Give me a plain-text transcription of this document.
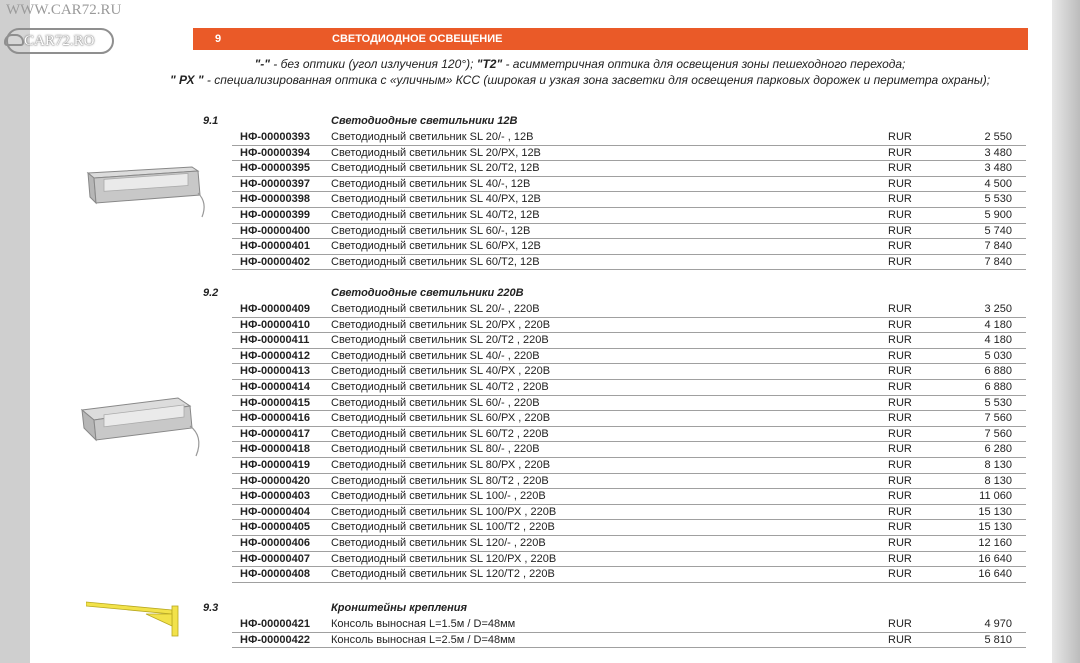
WWW.CAR72.RU
CAR72.RO	9	СВЕТОДИОДНОЕ ОСВЕЩЕНИЕ
"-" - без оптики (угол излучения 120°); "Т2" - асимметричная оптика для освещения зоны пешеходного перехода;
" РХ " - специализированная оптика с «уличным» КСС (широкая и узкая зона засветки для освещения парковых дорожек и периметра охраны);
9.1	Светодиодные светильники 12В
НФ-00000393 Светодиодный светильник SL 20/- , 12В	RUR	2 550
НФ-00000394 Светодиодный светильник SL 20/РХ, 12В	RUR	3 480
НФ-00000395 Светодиодный светильник SL 20/Т2, 12В	RUR	3 480
НФ-00000397 Светодиодный светильник SL 40/-, 12В	RUR	4 500
НФ-00000398 Светодиодный светильник SL 40/РХ, 12В	RUR	5 530
НФ-00000399 Светодиодный светильник SL 40/Т2, 12В	RUR	5 900
НФ-00000400 Светодиодный светильник SL 60/-, 12В	RUR	5 740
НФ-00000401 Светодиодный светильник SL 60/РХ, 12В	RUR	7 840
НФ-00000402 Светодиодный светильник SL 60/Т2, 12В	RUR	7 840
9.2	Светодиодные светильники 220В
НФ-00000409 Светодиодный светильник SL 20/- , 220В	RUR	3 250
НФ-00000410 Светодиодный светильник SL 20/РХ , 220В	RUR	4 180
НФ-00000411 Светодиодный светильник SL 20/Т2 , 220В	RUR	4 180
НФ-00000412 Светодиодный светильник SL 40/- , 220В	RUR	5 030
НФ-00000413 Светодиодный светильник SL 40/РХ , 220В	RUR	6 880
НФ-00000414 Светодиодный светильник SL 40/Т2 , 220В	RUR	6 880
НФ-00000415 Светодиодный светильник SL 60/- , 220В	RUR	5 530
НФ-00000416 Светодиодный светильник SL 60/РХ , 220В	RUR	7 560
НФ-00000417 Светодиодный светильник SL 60/Т2 , 220В	RUR	7 560
НФ-00000418 Светодиодный светильник SL 80/- , 220В	RUR	6 280
НФ-00000419 Светодиодный светильник SL 80/РХ , 220В	RUR	8 130
НФ-00000420 Светодиодный светильник SL 80/Т2 , 220В	RUR	8 130
НФ-00000403 Светодиодный светильник SL 100/- , 220В	RUR	11 060
НФ-00000404 Светодиодный светильник SL 100/РХ , 220В	RUR	15 130
НФ-00000405 Светодиодный светильник SL 100/Т2 , 220В	RUR	15 130
НФ-00000406 Светодиодный светильник SL 120/- , 220В	RUR	12 160
НФ-00000407 Светодиодный светильник SL 120/РХ , 220В	RUR	16 640
НФ-00000408 Светодиодный светильник SL 120/Т2 , 220В	RUR	16 640
9.3	Кронштейны крепления
НФ-00000421 Консоль выносная L=1.5м / D=48мм	RUR	4 970
НФ-00000422 Консоль выносная L=2.5м / D=48мм	RUR	5 810
